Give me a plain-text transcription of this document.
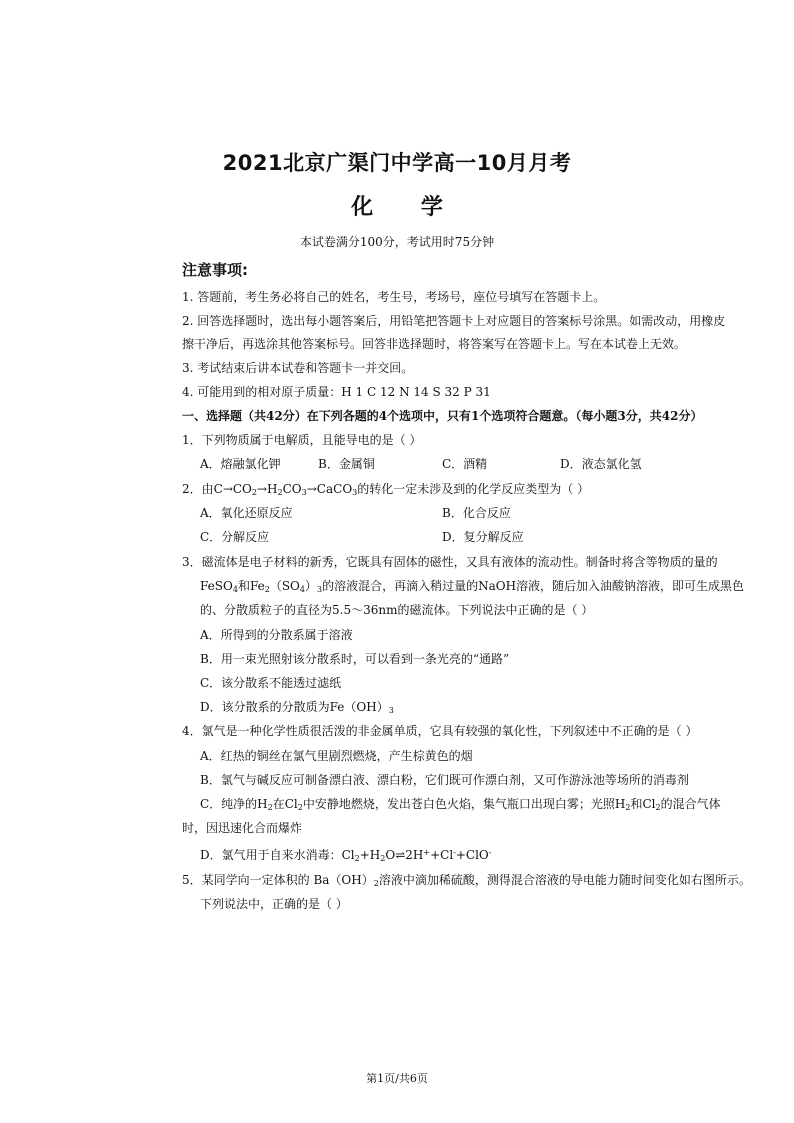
2021北京广渠门中学高一10月月考
化 学
本试卷满分100分，考试用时75分钟
注意事项:
1. 答题前，考生务必将自己的姓名，考生号，考场号，座位号填写在答题卡上。
2. 回答选择题时，选出每小题答案后，用铅笔把答题卡上对应题目的答案标号涂黑。如需改动，用橡皮
擦干净后，再选涂其他答案标号。回答非选择题时，将答案写在答题卡上。写在本试卷上无效。
3. 考试结束后讲本试卷和答题卡一并交回。
4. 可能用到的相对原子质量：H 1 C 12 N 14 S 32 P 31
一、选择题（共42分）在下列各题的4个选项中，只有1个选项符合题意。（每小题3分，共42分）
1．下列物质属于电解质，且能导电的是（ ）
A．熔融氯化钾	B．金属铜	C．酒精	D．液态氯化氢
2．由$C\to CO_2\to H_2CO_3\to CaCO_3$的转化一定未涉及到的化学反应类型为（ ）
A．氧化还原反应	B．化合反应
C．分解反应	D．复分解反应
3．磁流体是电子材料的新秀，它既具有固体的磁性，又具有液体的流动性。制备时将含等物质的量的
FeSO$_4$和$Fe_2(SO_4)_3$的溶液混合，再滴入稍过量的NaOH溶液，随后加入油酸钠溶液，即可生成黑色
的、分散质粒子的直径为5.5～36nm的磁流体。下列说法中正确的是（ ）
A．所得到的分散系属于溶液
B．用一束光照射该分散系时，可以看到一条光亮的“通路”
C．该分散系不能透过滤纸
D．该分散系的分散质为$Fe(OH)_3$
4．氯气是一种化学性质很活泼的非金属单质，它具有较强的氧化性，下列叙述中不正确的是（ ）
A．红热的铜丝在氯气里剧烈燃烧，产生棕黄色的烟
B．氯气与碱反应可制备漂白液、漂白粉，它们既可作漂白剂，又可作游泳池等场所的消毒剂
C．纯净的$H_2$在$Cl_2$中安静地燃烧，发出苍白色火焰，集气瓶口出现白雾；光照$H_2$和$Cl_2$的混合气体
时，因迅速化合而爆炸
D．氯气用于自来水消毒：$Cl_2+H_2O\rightleftharpoons 2H^++Cl^-+ClO^-$
5．某同学向一定体积的 $Ba(OH)_2$溶液中滴加稀硫酸，测得混合溶液的导电能力随时间变化如右图所示。
下列说法中，正确的是（ ）
第1页/共6页
